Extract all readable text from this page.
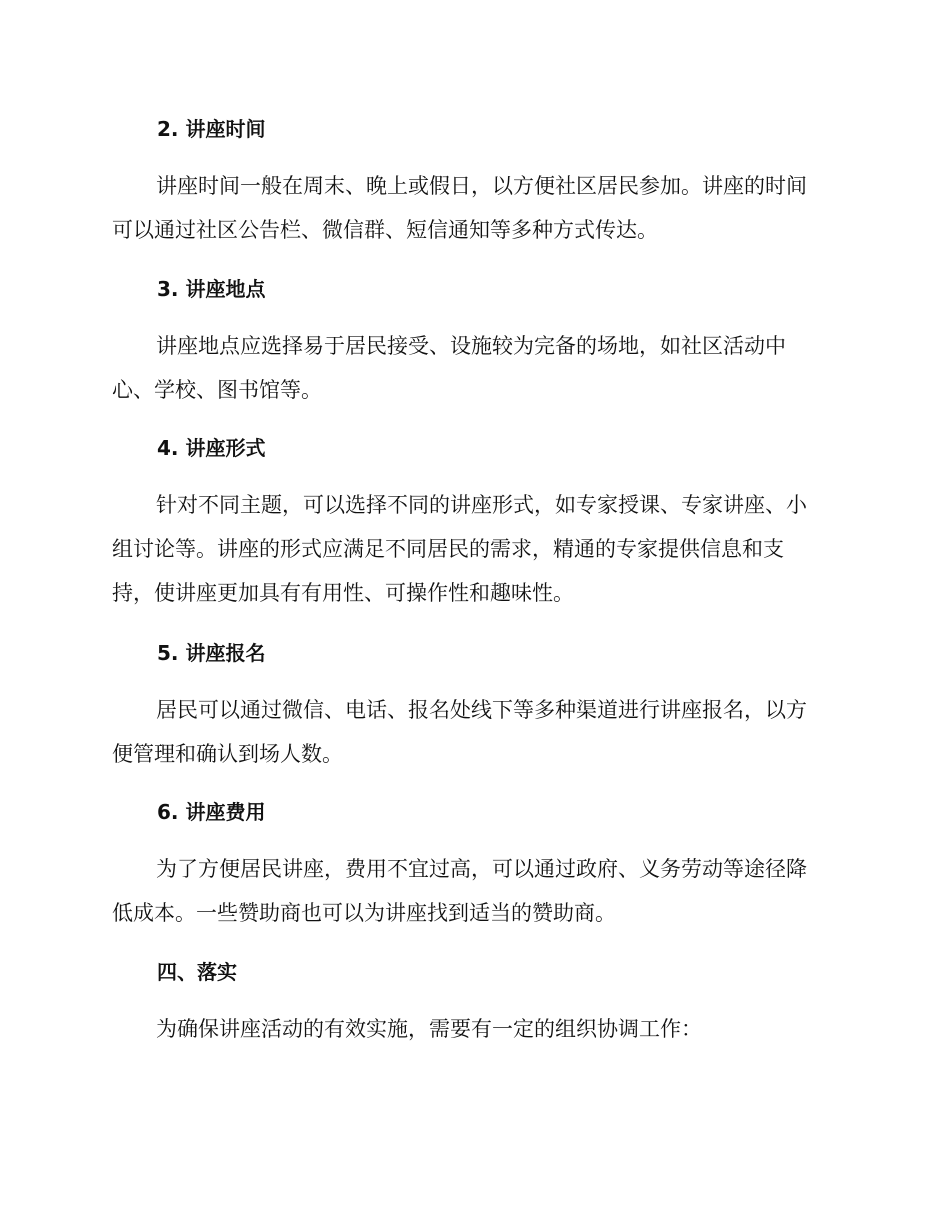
2. 讲座时间
讲座时间一般在周末、晚上或假日，以方便社区居民参加。讲座的时间
可以通过社区公告栏、微信群、短信通知等多种方式传达。
3. 讲座地点
讲座地点应选择易于居民接受、设施较为完备的场地，如社区活动中
心、学校、图书馆等。
4. 讲座形式
针对不同主题，可以选择不同的讲座形式，如专家授课、专家讲座、小
组讨论等。讲座的形式应满足不同居民的需求，精通的专家提供信息和支
持，使讲座更加具有有用性、可操作性和趣味性。
5. 讲座报名
居民可以通过微信、电话、报名处线下等多种渠道进行讲座报名，以方
便管理和确认到场人数。
6. 讲座费用
为了方便居民讲座，费用不宜过高，可以通过政府、义务劳动等途径降
低成本。一些赞助商也可以为讲座找到适当的赞助商。
四、落实
为确保讲座活动的有效实施，需要有一定的组织协调工作：
